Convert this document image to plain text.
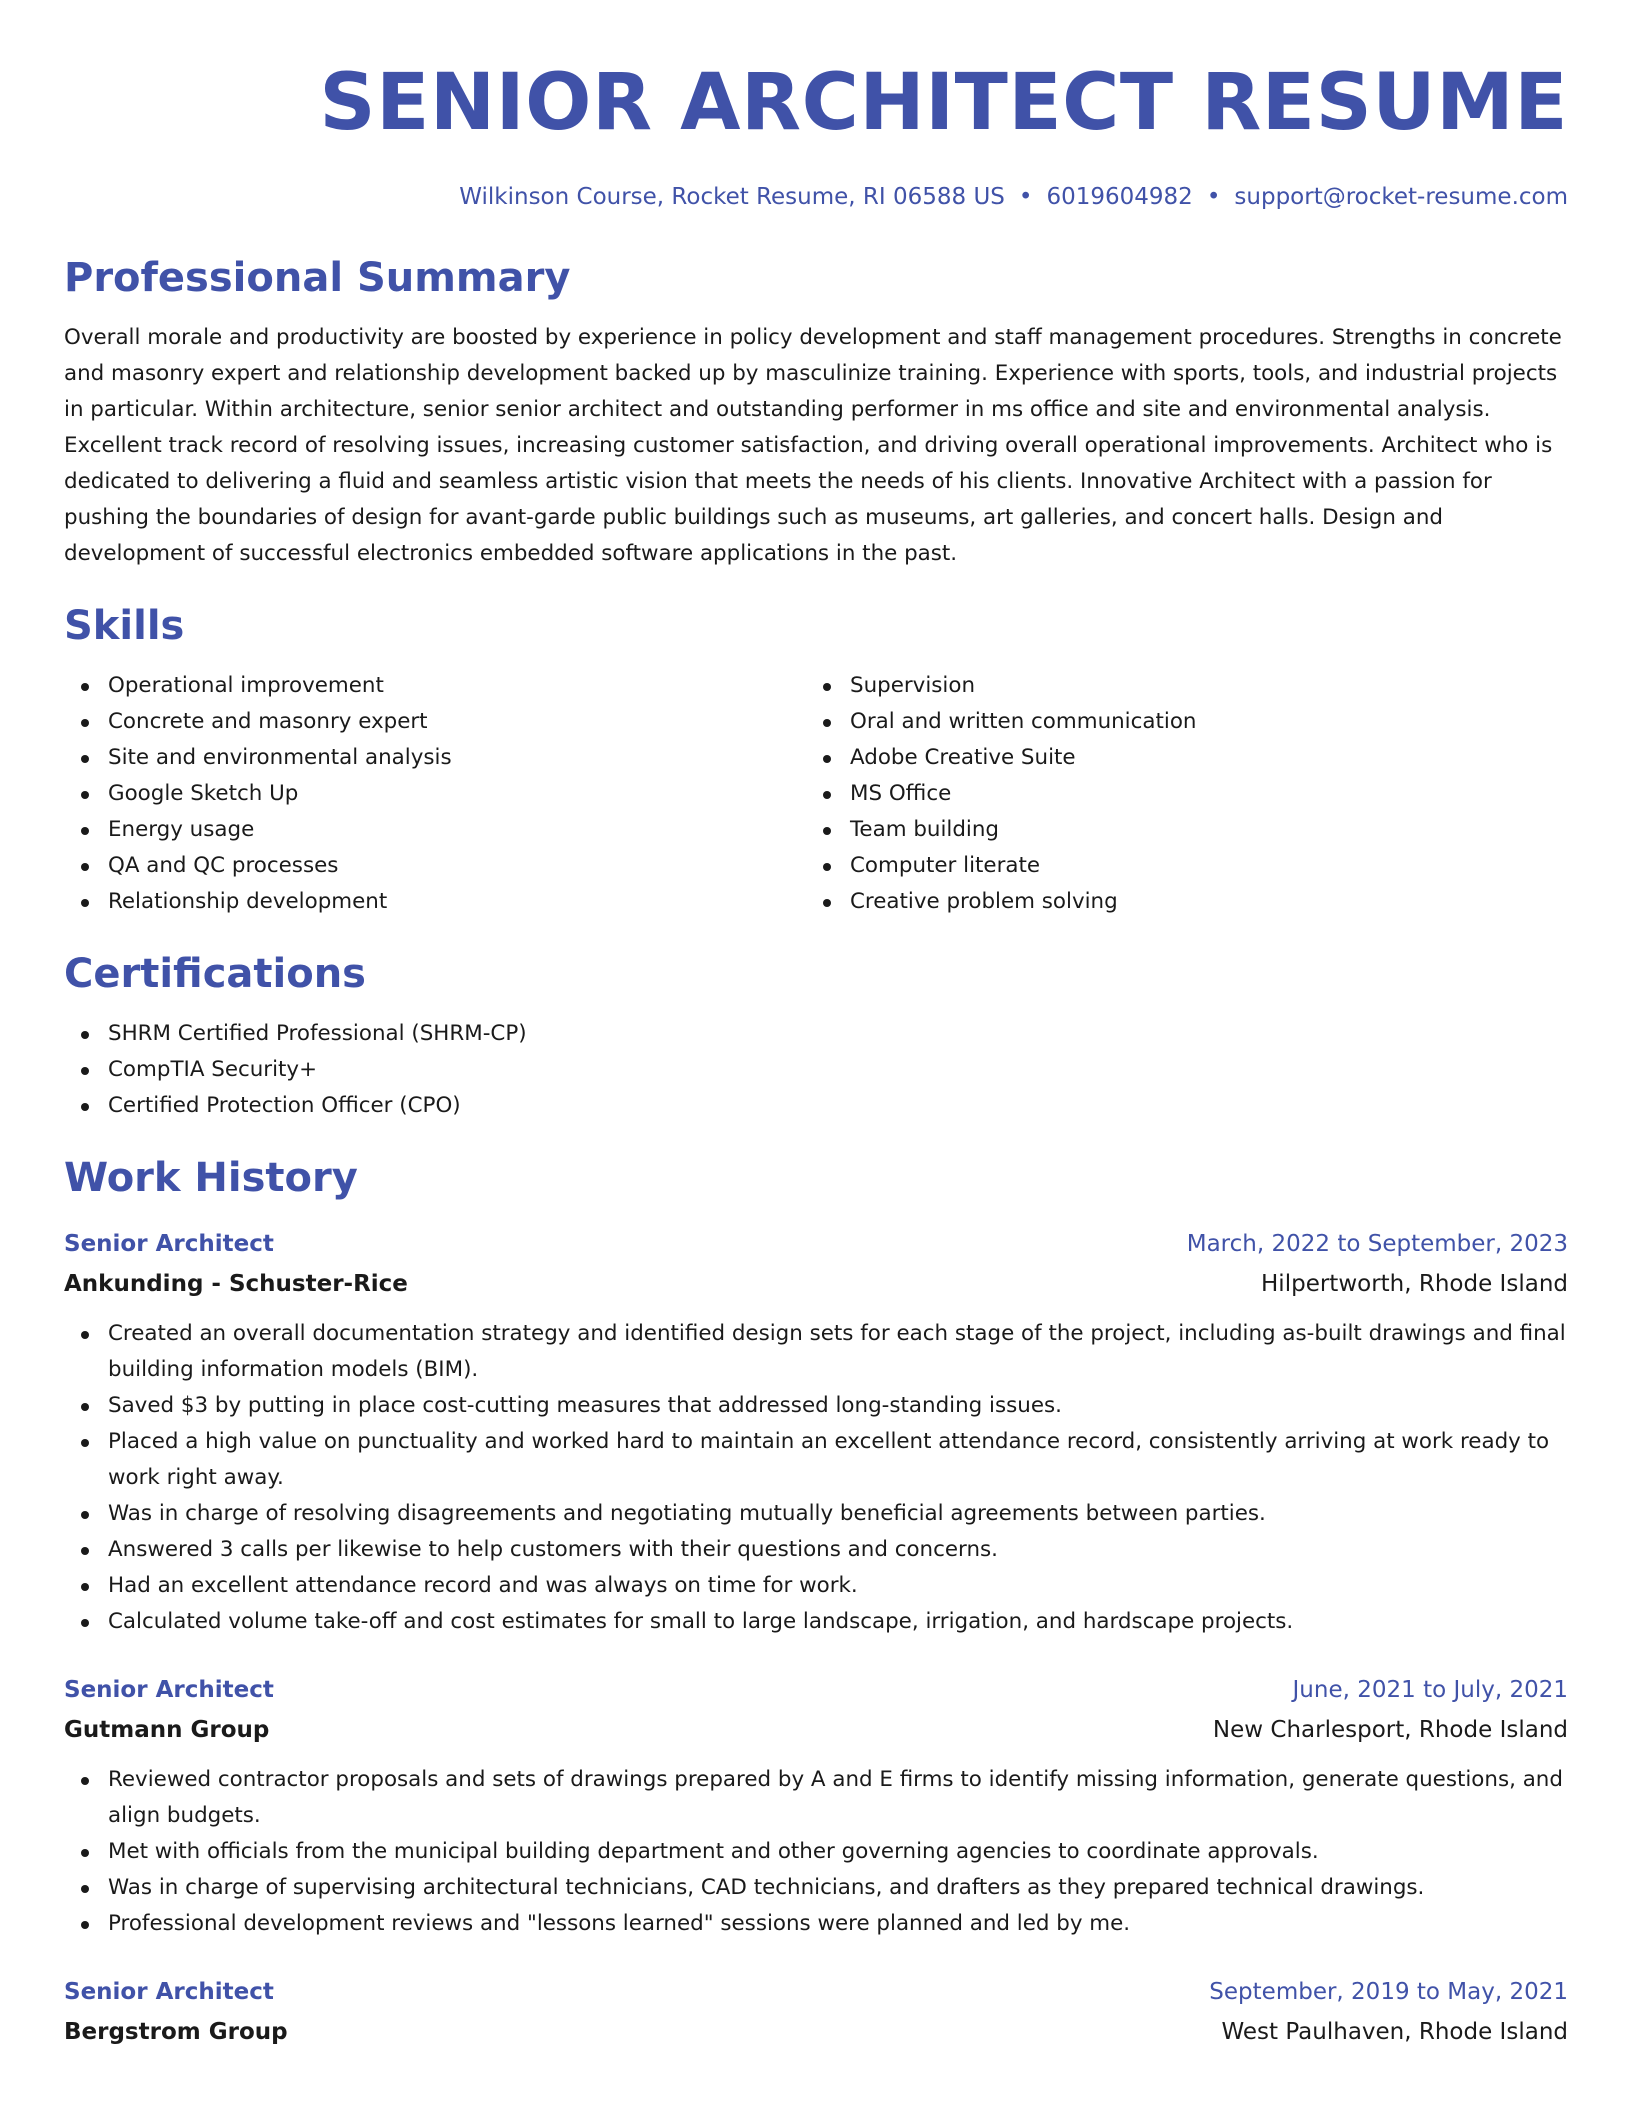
SENIOR ARCHITECT RESUME
Wilkinson Course, Rocket Resume, RI 06588 US • 6019604982 • support@rocket-resume.com
Professional Summary
Overall morale and productivity are boosted by experience in policy development and staff management procedures. Strengths in concrete and masonry expert and relationship development backed up by masculinize training. Experience with sports, tools, and industrial projects in particular. Within architecture, senior senior architect and outstanding performer in ms office and site and environmental analysis. Excellent track record of resolving issues, increasing customer satisfaction, and driving overall operational improvements. Architect who is dedicated to delivering a fluid and seamless artistic vision that meets the needs of his clients. Innovative Architect with a passion for pushing the boundaries of design for avant-garde public buildings such as museums, art galleries, and concert halls. Design and development of successful electronics embedded software applications in the past.
Skills
Operational improvement
Concrete and masonry expert
Site and environmental analysis
Google Sketch Up
Energy usage
QA and QC processes
Relationship development
Supervision
Oral and written communication
Adobe Creative Suite
MS Office
Team building
Computer literate
Creative problem solving
Certifications
SHRM Certified Professional (SHRM-CP)
CompTIA Security+
Certified Protection Officer (CPO)
Work History
Senior Architect	March, 2022 to September, 2023
Ankunding - Schuster-Rice	Hilpertworth, Rhode Island
Created an overall documentation strategy and identified design sets for each stage of the project, including as-built drawings and final building information models (BIM).
Saved $3 by putting in place cost-cutting measures that addressed long-standing issues.
Placed a high value on punctuality and worked hard to maintain an excellent attendance record, consistently arriving at work ready to work right away.
Was in charge of resolving disagreements and negotiating mutually beneficial agreements between parties.
Answered 3 calls per likewise to help customers with their questions and concerns.
Had an excellent attendance record and was always on time for work.
Calculated volume take-off and cost estimates for small to large landscape, irrigation, and hardscape projects.
Senior Architect	June, 2021 to July, 2021
Gutmann Group	New Charlesport, Rhode Island
Reviewed contractor proposals and sets of drawings prepared by A and E firms to identify missing information, generate questions, and align budgets.
Met with officials from the municipal building department and other governing agencies to coordinate approvals.
Was in charge of supervising architectural technicians, CAD technicians, and drafters as they prepared technical drawings.
Professional development reviews and "lessons learned" sessions were planned and led by me.
Senior Architect	September, 2019 to May, 2021
Bergstrom Group	West Paulhaven, Rhode Island
